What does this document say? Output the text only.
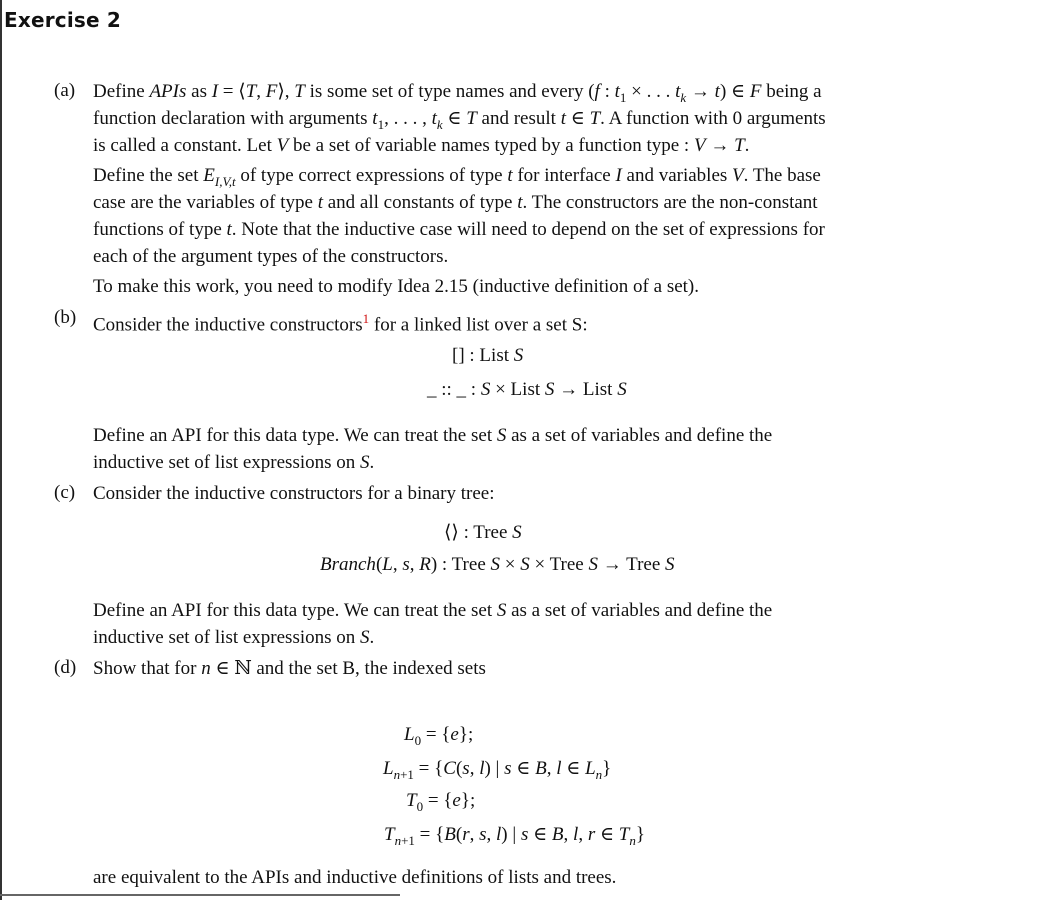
Exercise 2
(a) Define APIs as I = ⟨T, F⟩, T is some set of type names and every (f : $t_1$ × . . . $t_k \to t$) ∈ F being a
function declaration with arguments $t_1$, . . . , $t_k$ ∈ T and result t ∈ T. A function with 0 arguments
is called a constant. Let V be a set of variable names typed by a function type : V → T.
Define the set $E_{I,V,t}$ of type correct expressions of type t for interface I and variables V. The base
case are the variables of type t and all constants of type t. The constructors are the non-constant
functions of type t. Note that the inductive case will need to depend on the set of expressions for
each of the argument types of the constructors.
To make this work, you need to modify Idea 2.15 (inductive definition of a set).
(b) Consider the inductive constructors$^1$ for a linked list over a set S:
[] : List S
_ :: _ : S × List S → List S
Define an API for this data type. We can treat the set S as a set of variables and define the
inductive set of list expressions on S.
(c) Consider the inductive constructors for a binary tree:
⟨⟩ : Tree S
Branch(L, s, R) : Tree S × S × Tree S → Tree S
Define an API for this data type. We can treat the set S as a set of variables and define the
inductive set of list expressions on S.
(d) Show that for n ∈ ℕ and the set B, the indexed sets
$L_0 = \{e\}$;
$L_{n+1} = \{C(s$, l) | s ∈ B, l ∈ $L_n$}
$T_0 = \{e\}$;
$T_{n+1} = \{B(r$, s, l) | s ∈ B, l, r ∈ $T_n$}
are equivalent to the APIs and inductive definitions of lists and trees.
